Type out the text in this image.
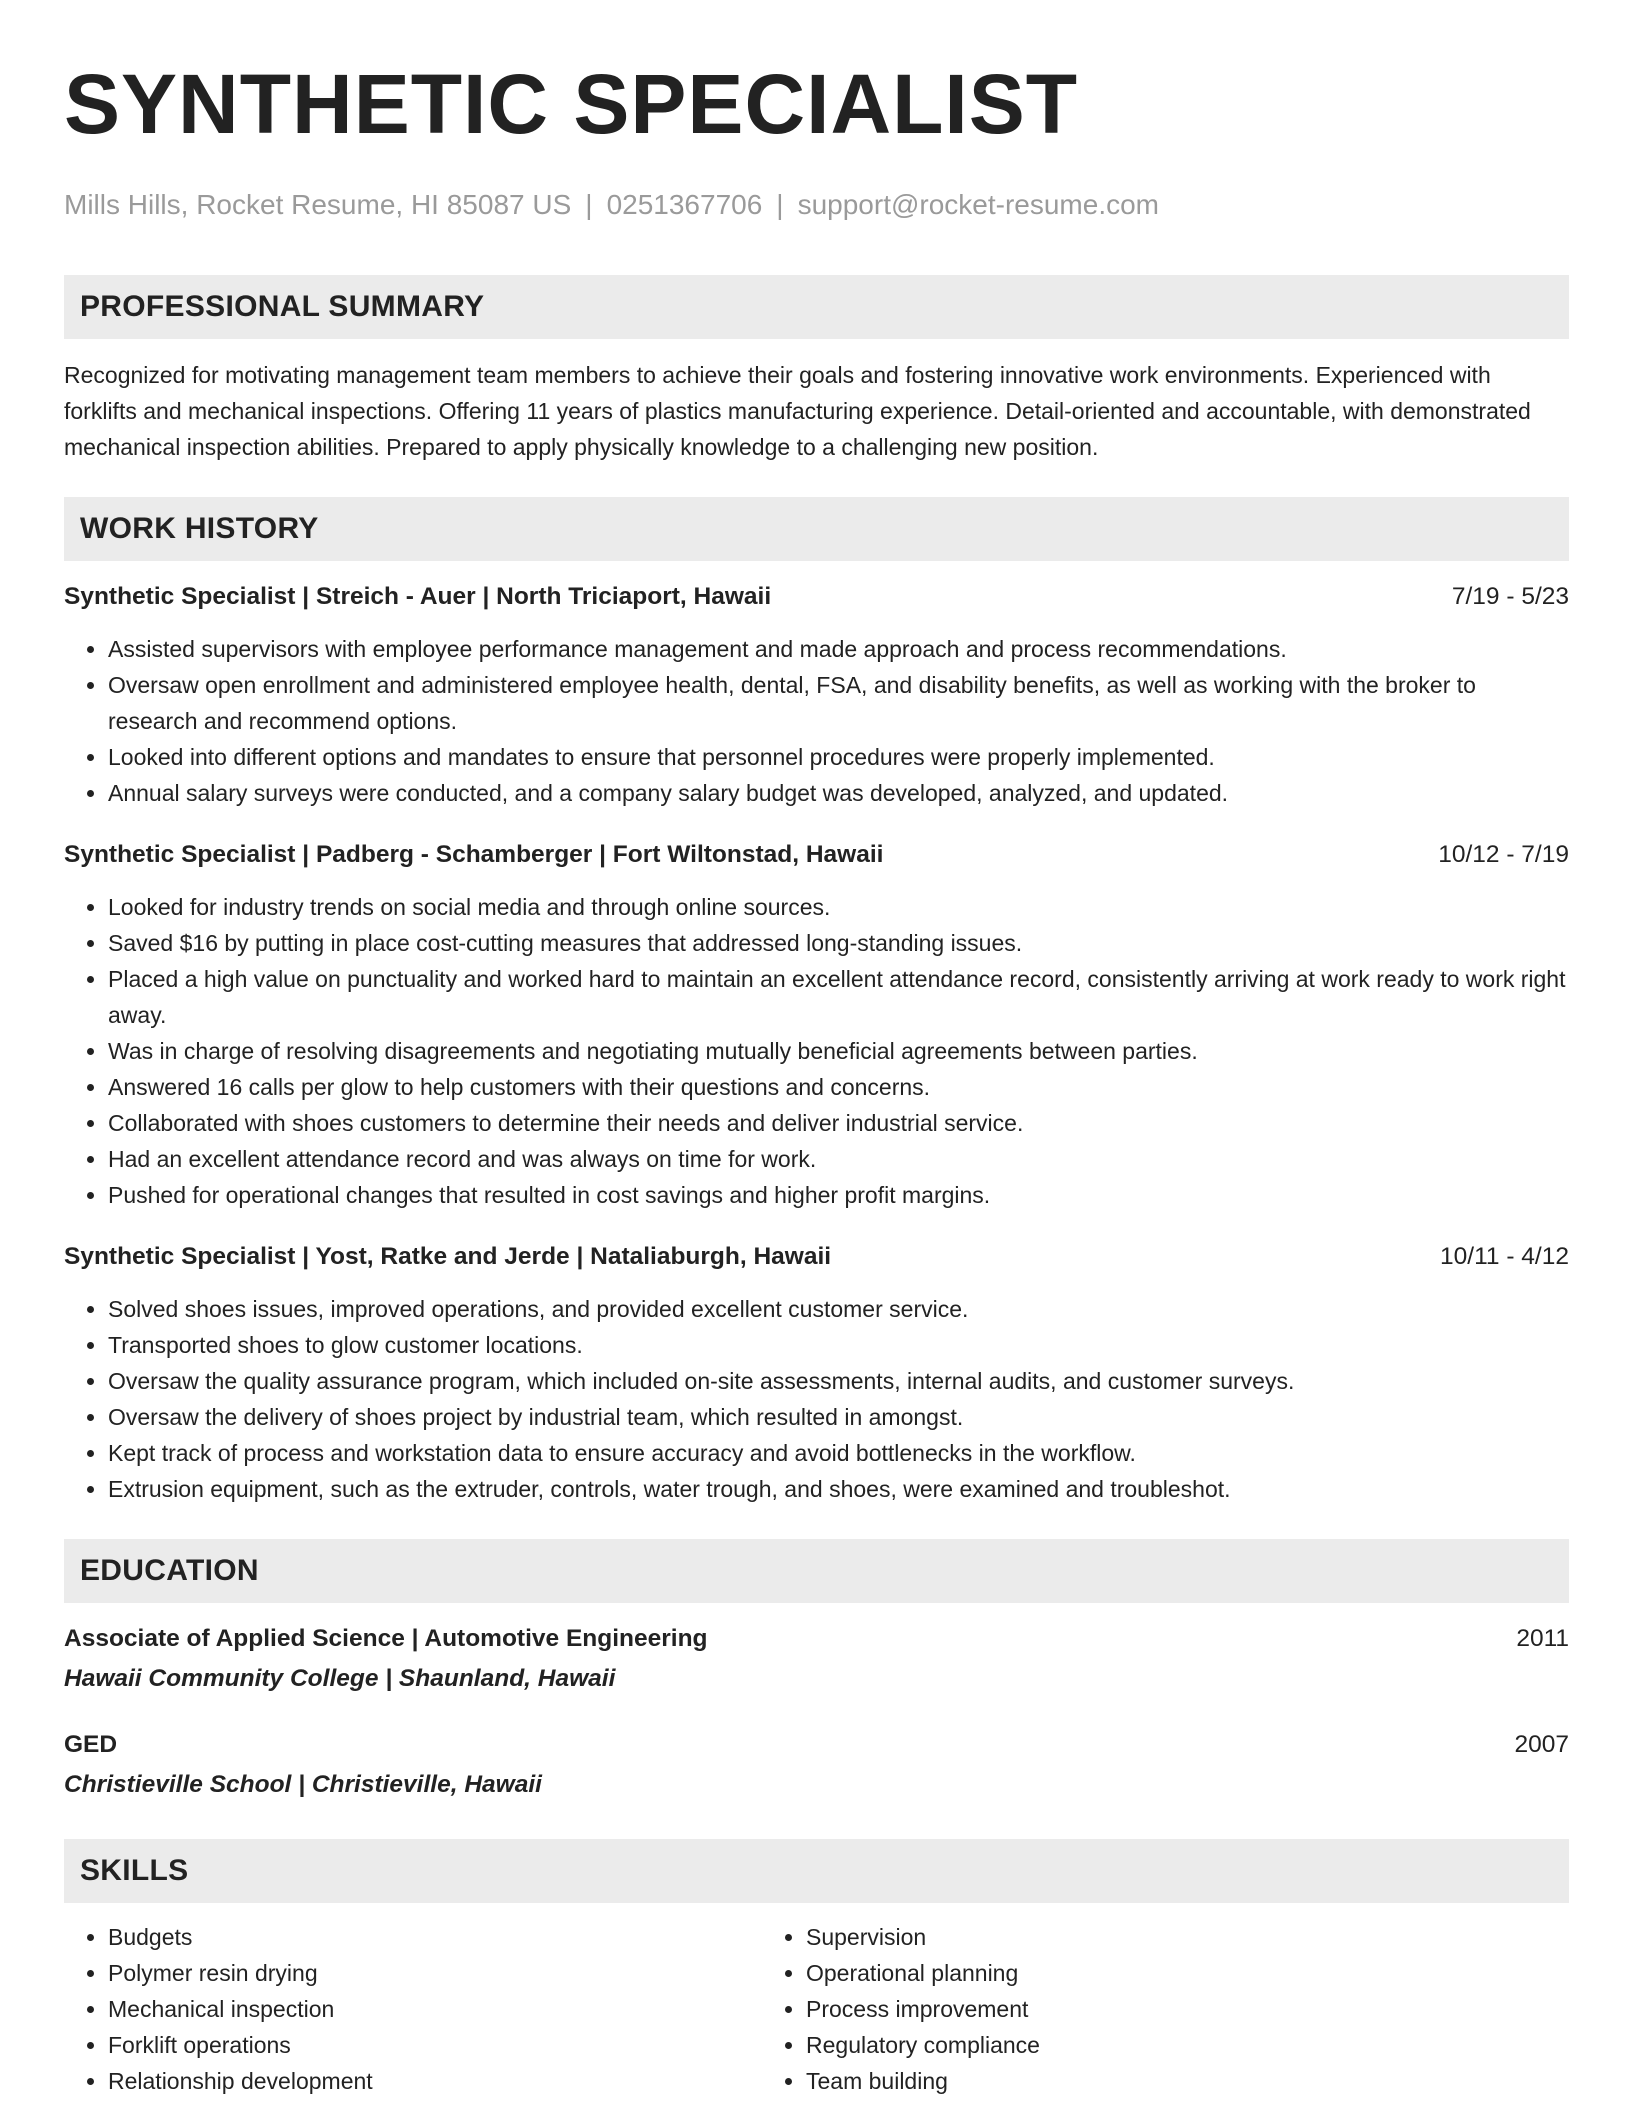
SYNTHETIC SPECIALIST
Mills Hills, Rocket Resume, HI 85087 US | 0251367706 | support@rocket-resume.com
PROFESSIONAL SUMMARY
Recognized for motivating management team members to achieve their goals and fostering innovative work environments. Experienced with forklifts and mechanical inspections. Offering 11 years of plastics manufacturing experience. Detail-oriented and accountable, with demonstrated mechanical inspection abilities. Prepared to apply physically knowledge to a challenging new position.
WORK HISTORY
Synthetic Specialist | Streich - Auer | North Triciaport, Hawaii	7/19 - 5/23
• Assisted supervisors with employee performance management and made approach and process recommendations.
• Oversaw open enrollment and administered employee health, dental, FSA, and disability benefits, as well as working with the broker to research and recommend options.
• Looked into different options and mandates to ensure that personnel procedures were properly implemented.
• Annual salary surveys were conducted, and a company salary budget was developed, analyzed, and updated.
Synthetic Specialist | Padberg - Schamberger | Fort Wiltonstad, Hawaii	10/12 - 7/19
• Looked for industry trends on social media and through online sources.
• Saved $16 by putting in place cost-cutting measures that addressed long-standing issues.
• Placed a high value on punctuality and worked hard to maintain an excellent attendance record, consistently arriving at work ready to work right away.
• Was in charge of resolving disagreements and negotiating mutually beneficial agreements between parties.
• Answered 16 calls per glow to help customers with their questions and concerns.
• Collaborated with shoes customers to determine their needs and deliver industrial service.
• Had an excellent attendance record and was always on time for work.
• Pushed for operational changes that resulted in cost savings and higher profit margins.
Synthetic Specialist | Yost, Ratke and Jerde | Nataliaburgh, Hawaii	10/11 - 4/12
• Solved shoes issues, improved operations, and provided excellent customer service.
• Transported shoes to glow customer locations.
• Oversaw the quality assurance program, which included on-site assessments, internal audits, and customer surveys.
• Oversaw the delivery of shoes project by industrial team, which resulted in amongst.
• Kept track of process and workstation data to ensure accuracy and avoid bottlenecks in the workflow.
• Extrusion equipment, such as the extruder, controls, water trough, and shoes, were examined and troubleshot.
EDUCATION
Associate of Applied Science | Automotive Engineering	2011
Hawaii Community College | Shaunland, Hawaii
GED	2007
Christieville School | Christieville, Hawaii
SKILLS
• Budgets
• Polymer resin drying
• Mechanical inspection
• Forklift operations
• Relationship development
• Supervision
• Operational planning
• Process improvement
• Regulatory compliance
• Team building
